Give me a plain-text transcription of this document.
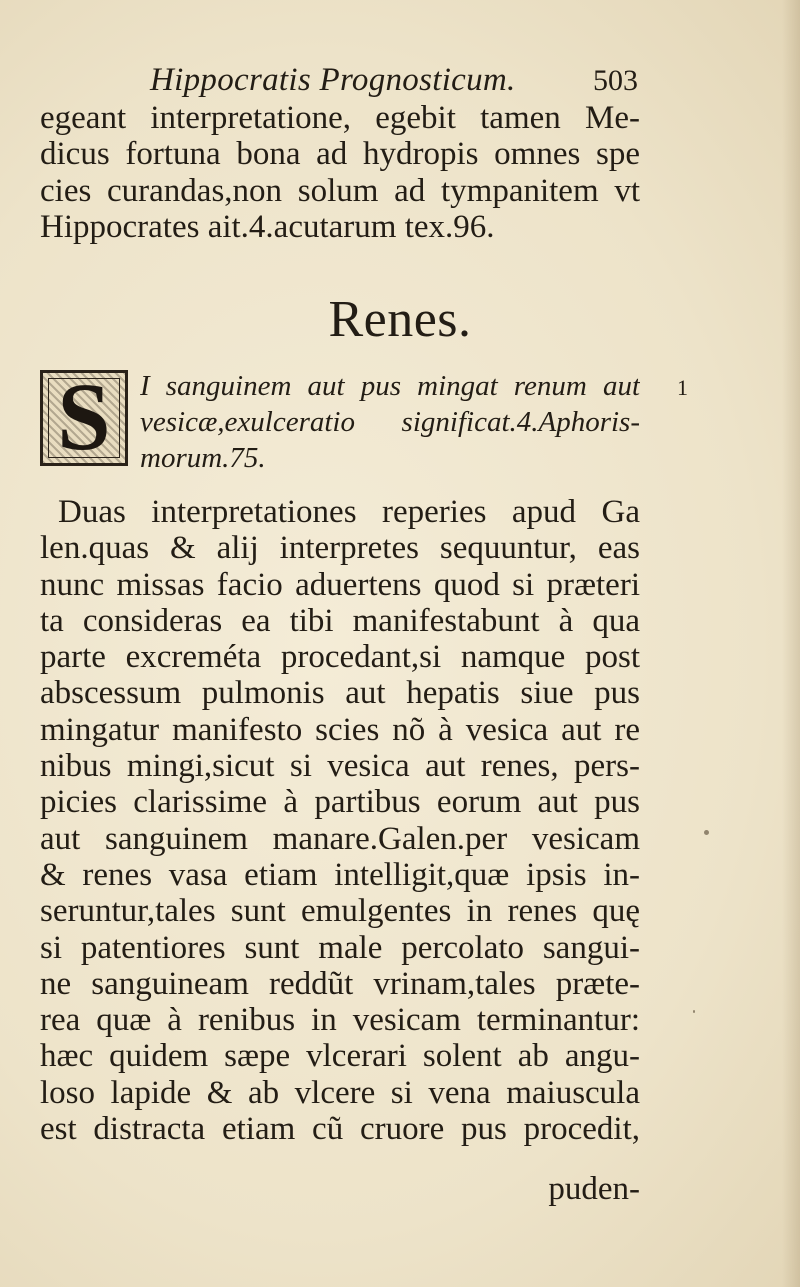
Hippocratis Prognosticum.	503
egeant interpretatione, egebit tamen Me-
dicus fortuna bona ad hydropis omnes spe
cies curandas,non solum ad tympanitem vt
Hippocrates ait.4.acutarum tex.96.
Renes.
S	I sanguinem aut pus mingat renum aut
vesicæ,exulceratio significat.4.Aphoris-
morum.75.
1
Duas interpretationes reperies apud Ga
len.quas & alij interpretes sequuntur, eas
nunc missas facio aduertens quod si præteri
ta consideras ea tibi manifestabunt à qua
parte excreméta procedant,si namque post
abscessum pulmonis aut hepatis siue pus
mingatur manifesto scies nõ à vesica aut re
nibus mingi,sicut si vesica aut renes, pers-
picies clarissime à partibus eorum aut pus
aut sanguinem manare.Galen.per vesicam
& renes vasa etiam intelligit,quæ ipsis in-
seruntur,tales sunt emulgentes in renes quę
si patentiores sunt male percolato sangui-
ne sanguineam reddũt vrinam,tales præte-
rea quæ à renibus in vesicam terminantur:
hæc quidem sæpe vlcerari solent ab angu-
loso lapide & ab vlcere si vena maiuscula
est distracta etiam cũ cruore pus procedit,
puden-
